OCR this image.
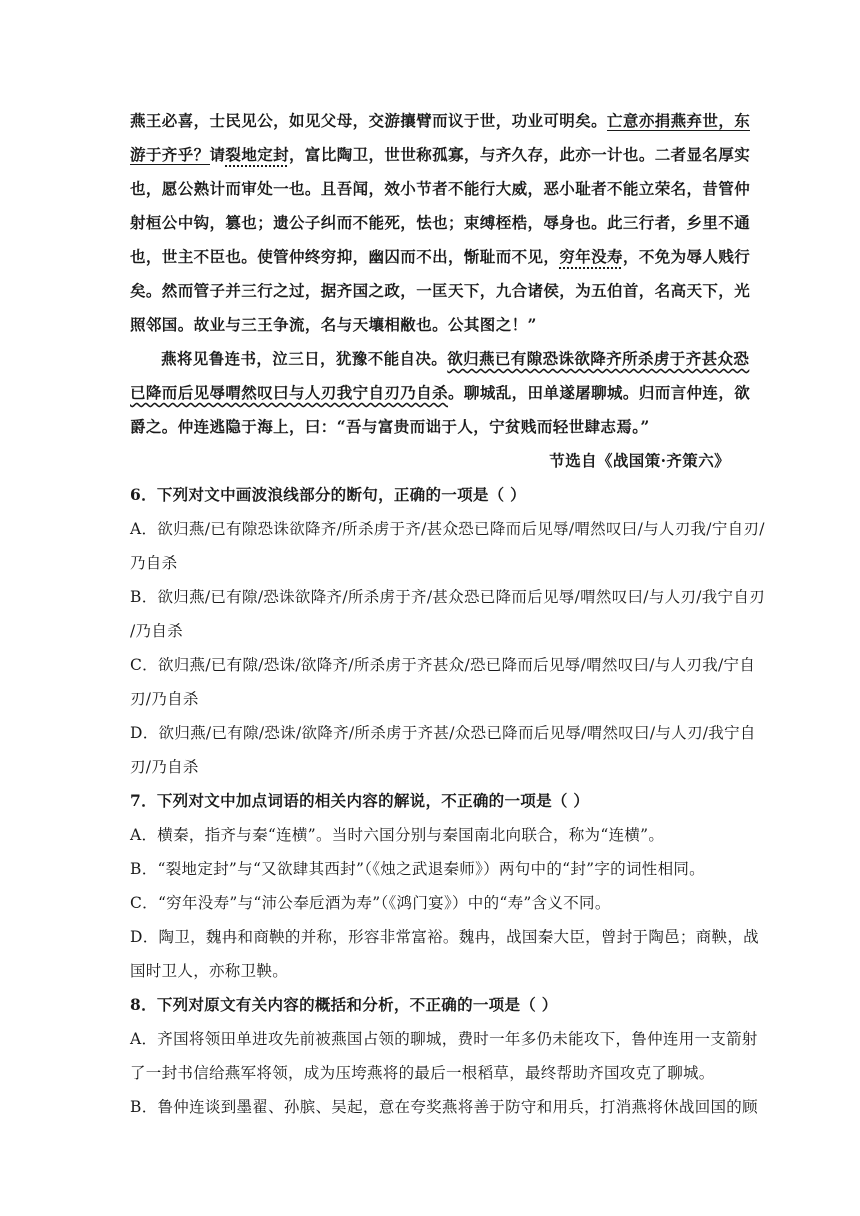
燕王必喜，士民见公，如见父母，交游攘臂而议于世，功业可明矣。亡意亦捐燕弃世，东
游于齐乎？请裂地定封，富比陶卫，世世称孤寡，与齐久存，此亦一计也。二者显名厚实
也，愿公熟计而审处一也。且吾闻，效小节者不能行大威，恶小耻者不能立荣名，昔管仲
射桓公中钩，篡也；遗公子纠而不能死，怯也；束缚桎梏，辱身也。此三行者，乡里不通
也，世主不臣也。使管仲终穷抑，幽囚而不出，惭耻而不见，穷年没寿，不免为辱人贱行
矣。然而管子并三行之过，据齐国之政，一匡天下，九合诸侯，为五伯首，名高天下，光
照邻国。故业与三王争流，名与天壤相敝也。公其图之！”
燕将见鲁连书，泣三日，犹豫不能自决。欲归燕已有隙恐诛欲降齐所杀虏于齐甚众恐
已降而后见辱喟然叹曰与人刃我宁自刃乃自杀。聊城乱，田单遂屠聊城。归而言仲连，欲
爵之。仲连逃隐于海上，曰：“吾与富贵而诎于人，宁贫贱而轻世肆志焉。”
节选自《战国策·齐策六》
6．下列对文中画波浪线部分的断句，正确的一项是（ ）
A．欲归燕/已有隙恐诛欲降齐/所杀虏于齐/甚众恐已降而后见辱/喟然叹曰/与人刃我/宁自刃/
乃自杀
B．欲归燕/已有隙/恐诛欲降齐/所杀虏于齐/甚众恐已降而后见辱/喟然叹曰/与人刃/我宁自刃
/乃自杀
C．欲归燕/已有隙/恐诛/欲降齐/所杀虏于齐甚众/恐已降而后见辱/喟然叹曰/与人刃我/宁自
刃/乃自杀
D．欲归燕/已有隙/恐诛/欲降齐/所杀虏于齐甚/众恐已降而后见辱/喟然叹曰/与人刃/我宁自
刃/乃自杀
7．下列对文中加点词语的相关内容的解说，不正确的一项是（ ）
A．横秦，指齐与秦“连横”。当时六国分别与秦国南北向联合，称为“连横”。
B．“裂地定封”与“又欲肆其西封”（《烛之武退秦师》）两句中的“封”字的词性相同。
C．“穷年没寿”与“沛公奉卮酒为寿”（《鸿门宴》）中的“寿”含义不同。
D．陶卫，魏冉和商鞅的并称，形容非常富裕。魏冉，战国秦大臣，曾封于陶邑；商鞅，战
国时卫人，亦称卫鞅。
8．下列对原文有关内容的概括和分析，不正确的一项是（ ）
A．齐国将领田单进攻先前被燕国占领的聊城，费时一年多仍未能攻下，鲁仲连用一支箭射
了一封书信给燕军将领，成为压垮燕将的最后一根稻草，最终帮助齐国攻克了聊城。
B．鲁仲连谈到墨翟、孙膑、吴起，意在夸奖燕将善于防守和用兵，打消燕将休战回国的顾
